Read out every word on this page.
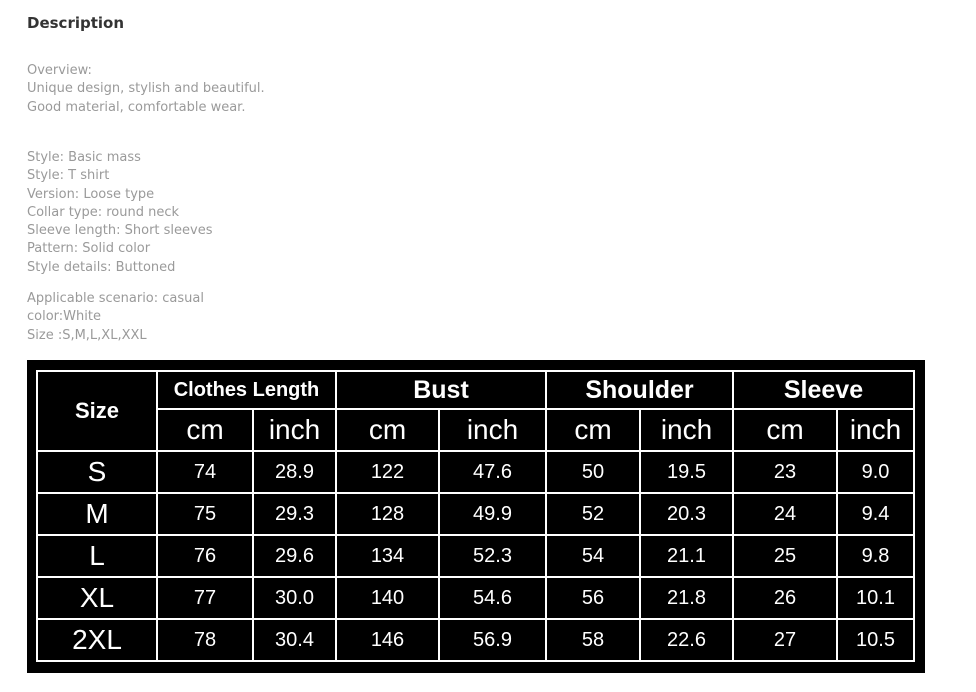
Description
Overview:
Unique design, stylish and beautiful.
Good material, comfortable wear.
Style: Basic mass
Style: T shirt
Version: Loose type
Collar type: round neck
Sleeve length: Short sleeves
Pattern: Solid color
Style details: Buttoned
Applicable scenario: casual
color:White
Size :S,M,L,XL,XXL
Size	Clothes Length		Bust		Shoulder		Sleeve	
	cm	inch	cm	inch	cm	inch	cm	inch
S	74	28.9	122	47.6	50	19.5	23	9.0
M	75	29.3	128	49.9	52	20.3	24	9.4
L	76	29.6	134	52.3	54	21.1	25	9.8
XL	77	30.0	140	54.6	56	21.8	26	10.1
2XL	78	30.4	146	56.9	58	22.6	27	10.5
